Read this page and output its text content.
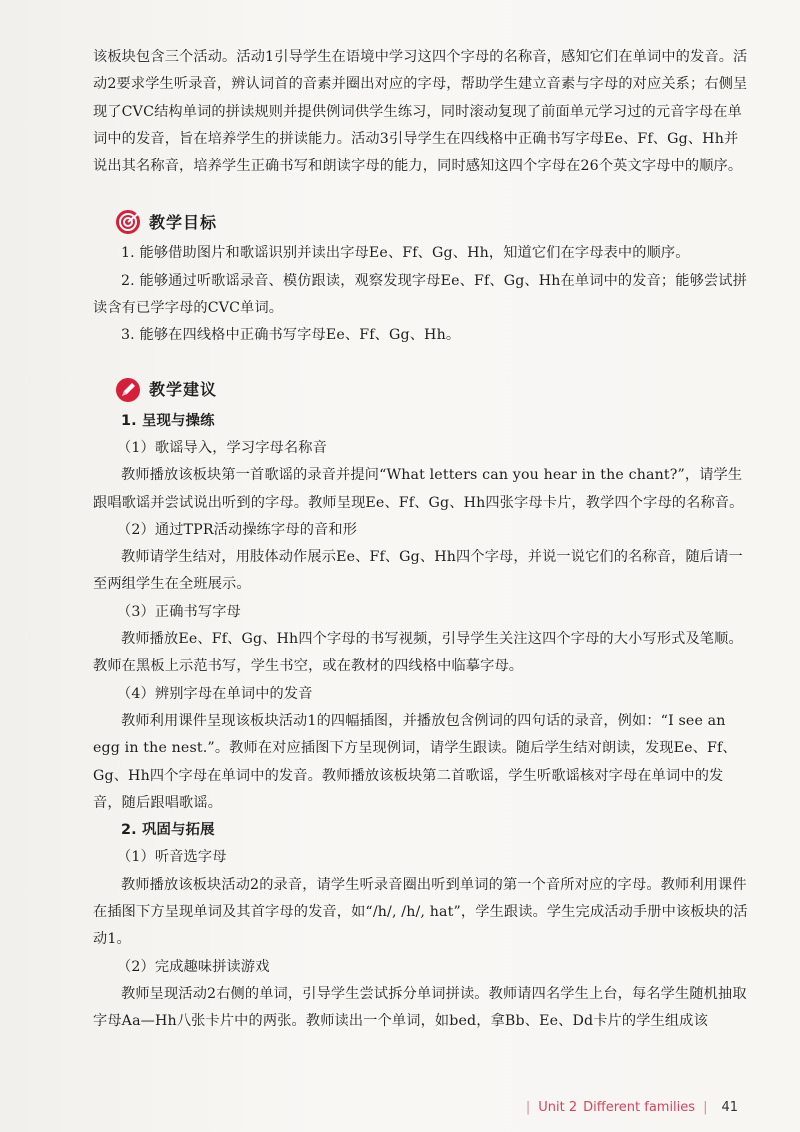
该板块包含三个活动。活动1引导学生在语境中学习这四个字母的名称音，感知它们在单词中的发音。活动2要求学生听录音，辨认词首的音素并圈出对应的字母，帮助学生建立音素与字母的对应关系；右侧呈现了CVC结构单词的拼读规则并提供例词供学生练习，同时滚动复现了前面单元学习过的元音字母在单词中的发音，旨在培养学生的拼读能力。活动3引导学生在四线格中正确书写字母Ee、Ff、Gg、Hh并说出其名称音，培养学生正确书写和朗读字母的能力，同时感知这四个字母在26个英文字母中的顺序。

教学目标

1. 能够借助图片和歌谣识别并读出字母Ee、Ff、Gg、Hh，知道它们在字母表中的顺序。

2. 能够通过听歌谣录音、模仿跟读，观察发现字母Ee、Ff、Gg、Hh在单词中的发音；能够尝试拼读含有已学字母的CVC单词。

3. 能够在四线格中正确书写字母Ee、Ff、Gg、Hh。

教学建议

1. 呈现与操练

（1）歌谣导入，学习字母名称音

教师播放该板块第一首歌谣的录音并提问“What letters can you hear in the chant?”，请学生跟唱歌谣并尝试说出听到的字母。教师呈现Ee、Ff、Gg、Hh四张字母卡片，教学四个字母的名称音。

（2）通过TPR活动操练字母的音和形

教师请学生结对，用肢体动作展示Ee、Ff、Gg、Hh四个字母，并说一说它们的名称音，随后请一至两组学生在全班展示。

（3）正确书写字母

教师播放Ee、Ff、Gg、Hh四个字母的书写视频，引导学生关注这四个字母的大小写形式及笔顺。教师在黑板上示范书写，学生书空，或在教材的四线格中临摹字母。

（4）辨别字母在单词中的发音

教师利用课件呈现该板块活动1的四幅插图，并播放包含例词的四句话的录音，例如：“I see an egg in the nest.”。教师在对应插图下方呈现例词，请学生跟读。随后学生结对朗读，发现Ee、Ff、Gg、Hh四个字母在单词中的发音。教师播放该板块第二首歌谣，学生听歌谣核对字母在单词中的发音，随后跟唱歌谣。

2. 巩固与拓展

（1）听音选字母

教师播放该板块活动2的录音，请学生听录音圈出听到单词的第一个音所对应的字母。教师利用课件在插图下方呈现单词及其首字母的发音，如“/h/, /h/, hat”，学生跟读。学生完成活动手册中该板块的活动1。

（2）完成趣味拼读游戏

教师呈现活动2右侧的单词，引导学生尝试拆分单词拼读。教师请四名学生上台，每名学生随机抽取字母Aa—Hh八张卡片中的两张。教师读出一个单词，如bed，拿Bb、Ee、Dd卡片的学生组成该

| Unit 2 Different families | 41
